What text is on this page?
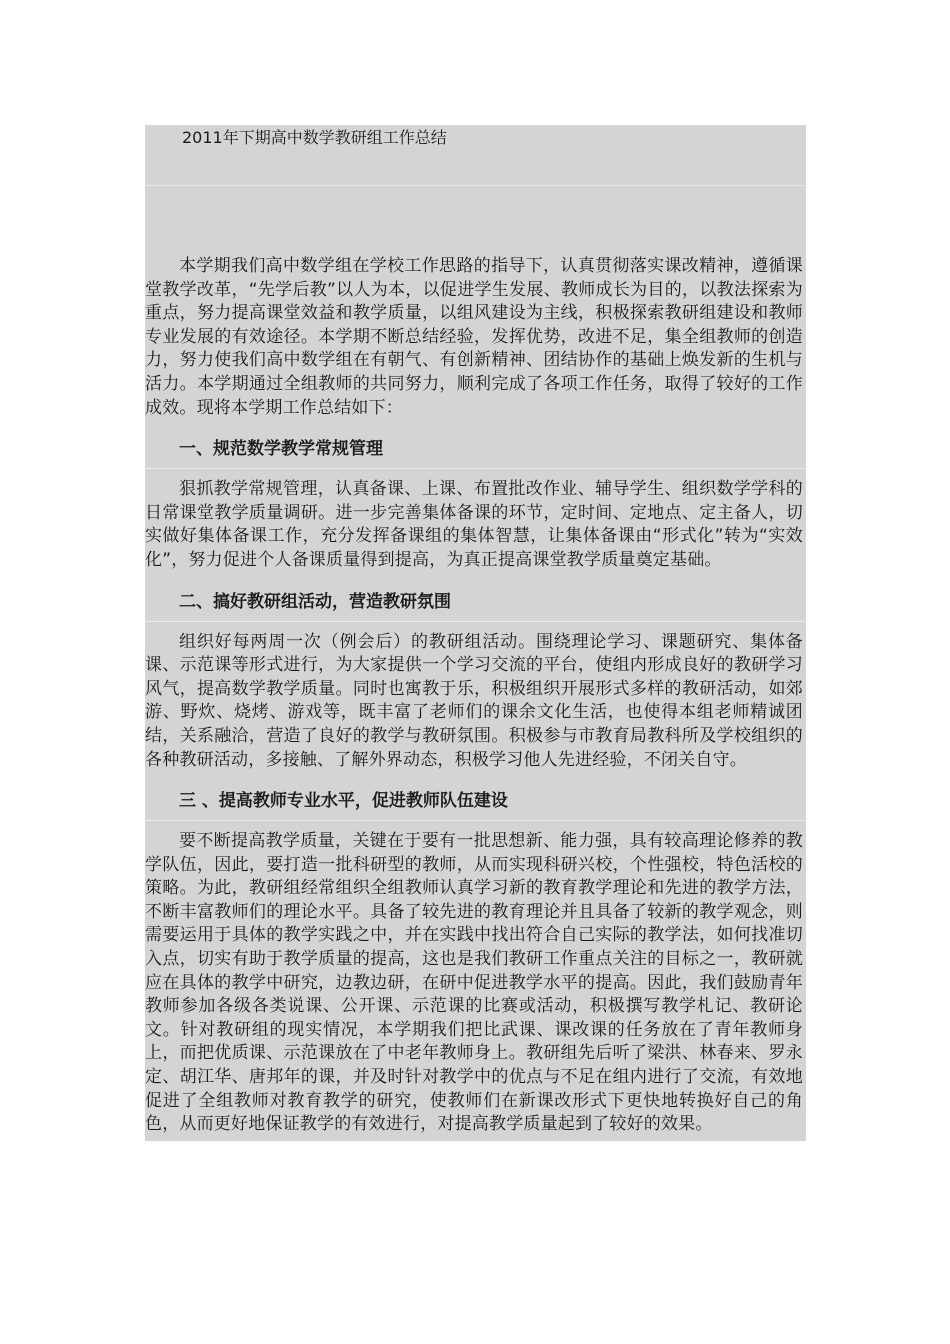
2011年下期高中数学教研组工作总结

本学期我们高中数学组在学校工作思路的指导下，认真贯彻落实课改精神，遵循课堂教学改革，“先学后教”以人为本，以促进学生发展、教师成长为目的，以教法探索为重点，努力提高课堂效益和教学质量，以组风建设为主线，积极探索教研组建设和教师专业发展的有效途径。本学期不断总结经验，发挥优势，改进不足，集全组教师的创造力，努力使我们高中数学组在有朝气、有创新精神、团结协作的基础上焕发新的生机与活力。本学期通过全组教师的共同努力，顺利完成了各项工作任务，取得了较好的工作成效。现将本学期工作总结如下：

一、规范数学教学常规管理

狠抓教学常规管理，认真备课、上课、布置批改作业、辅导学生、组织数学学科的日常课堂教学质量调研。进一步完善集体备课的环节，定时间、定地点、定主备人，切实做好集体备课工作，充分发挥备课组的集体智慧，让集体备课由“形式化”转为“实效化”，努力促进个人备课质量得到提高，为真正提高课堂教学质量奠定基础。

二、搞好教研组活动，营造教研氛围

组织好每两周一次（例会后）的教研组活动。围绕理论学习、课题研究、集体备课、示范课等形式进行，为大家提供一个学习交流的平台，使组内形成良好的教研学习风气，提高数学教学质量。同时也寓教于乐，积极组织开展形式多样的教研活动，如郊游、野炊、烧烤、游戏等，既丰富了老师们的课余文化生活，也使得本组老师精诚团结，关系融洽，营造了良好的教学与教研氛围。积极参与市教育局教科所及学校组织的各种教研活动，多接触、了解外界动态，积极学习他人先进经验，不闭关自守。

三 、提高教师专业水平，促进教师队伍建设

要不断提高教学质量，关键在于要有一批思想新、能力强，具有较高理论修养的教学队伍，因此，要打造一批科研型的教师，从而实现科研兴校，个性强校，特色活校的策略。为此，教研组经常组织全组教师认真学习新的教育教学理论和先进的教学方法，不断丰富教师们的理论水平。具备了较先进的教育理论并且具备了较新的教学观念，则需要运用于具体的教学实践之中，并在实践中找出符合自己实际的教学法，如何找准切入点，切实有助于教学质量的提高，这也是我们教研工作重点关注的目标之一，教研就应在具体的教学中研究，边教边研，在研中促进教学水平的提高。因此，我们鼓励青年教师参加各级各类说课、公开课、示范课的比赛或活动，积极撰写教学札记、教研论文。针对教研组的现实情况，本学期我们把比武课、课改课的任务放在了青年教师身上，而把优质课、示范课放在了中老年教师身上。教研组先后听了梁洪、林春来、罗永定、胡江华、唐邦年的课，并及时针对教学中的优点与不足在组内进行了交流，有效地促进了全组教师对教育教学的研究，使教师们在新课改形式下更快地转换好自己的角色，从而更好地保证教学的有效进行，对提高教学质量起到了较好的效果。
